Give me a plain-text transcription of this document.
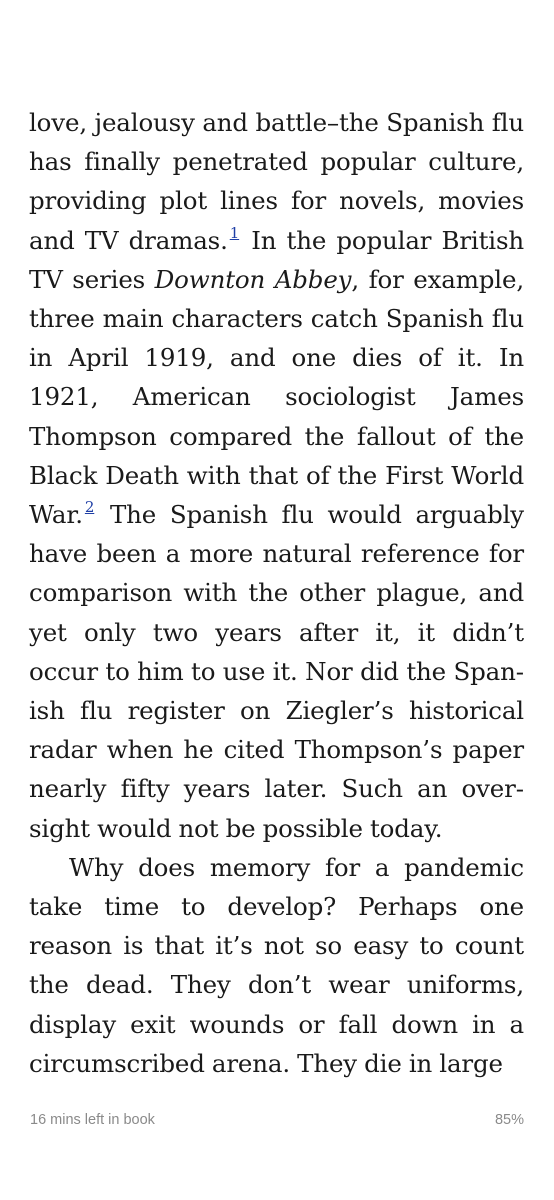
love, jealousy and battle–the Spanish flu has finally penetrated popular culture, providing plot lines for novels, movies and TV dramas. $^1$ In the popular British TV series Downton Abbey, for example, three main characters catch Spanish flu in April 1919, and one dies of it. In 1921, American sociologist James Thompson compared the fallout of the Black Death with that of the First World War. $^2$ The Spanish flu would arguably have been a more natural reference for comparison with the other plague, and yet only two years after it, it didn’t occur to him to use it. Nor did the Spanish flu register on Ziegler’s historical radar when he cited Thompson’s paper nearly fifty years later. Such an oversight would not be possible today.

Why does memory for a pandemic take time to develop? Perhaps one reason is that it’s not so easy to count the dead. They don’t wear uniforms, display exit wounds or fall down in a circumscribed arena. They die in large

16 mins left in book	85%
